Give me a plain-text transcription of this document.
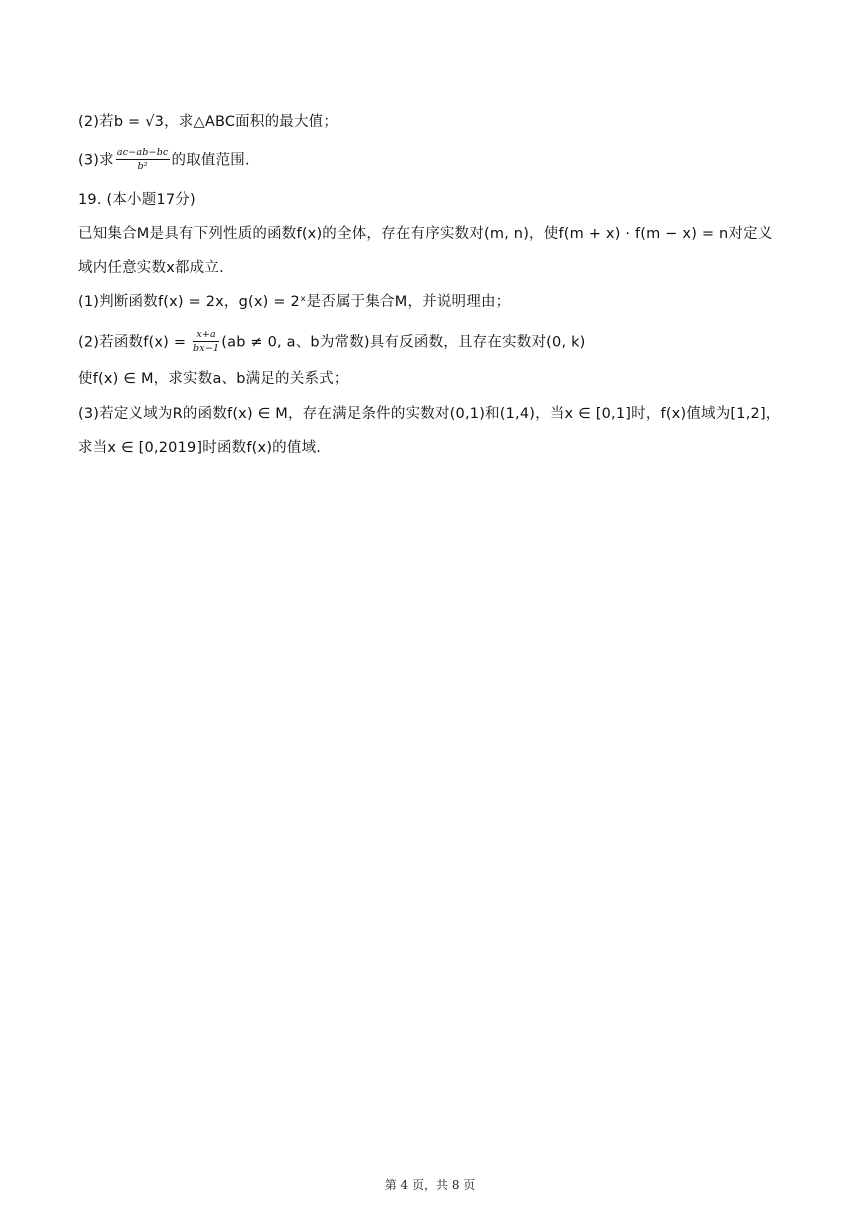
(2)若b = √3，求△ABC面积的最大值；
(3)求 $\frac{ac-ab-bc}{\text{b²}}$ 的取值范围.
19. (本小题17分)
已知集合M是具有下列性质的函数f(x)的全体，存在有序实数对(m, n)，使f(m + x) · f(m − x) = n对定义
域内任意实数x都成立.
(1)判断函数f(x) = 2x，g(x) = 2ˣ是否属于集合M，并说明理由；
(2)若函数$f(x) = \frac{x+a}{bx-1} (ab \ne 0$, a、b为常数)具有反函数，且存在实数对(0, k)
使f(x) ∈ M，求实数a、b满足的关系式；
(3)若定义域为R的函数f(x) ∈ M，存在满足条件的实数对(0,1)和(1,4)，当x ∈ [0,1]时，f(x)值域为[1,2]，
求当x ∈ [0,2019]时函数f(x)的值域.
第 4 页，共 8 页
